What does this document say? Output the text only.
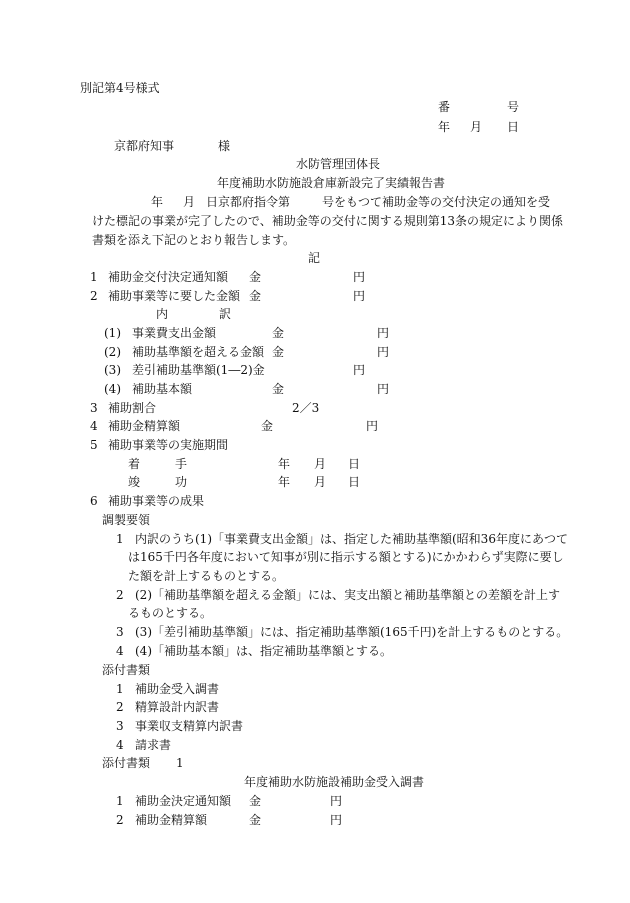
別記第4号様式
番	号
年 月 日
京都府知事	様
水防管理団体長
年度補助水防施設倉庫新設完了実績報告書
年 月 日京都府指令第	号をもつて補助金等の交付決定の通知を受
けた標記の事業が完了したので、補助金等の交付に関する規則第13条の規定により関係
書類を添え下記のとおり報告します。
記
1 補助金交付決定通知額 金	円
2 補助事業等に要した金額 金	円
内	訳
(1) 事業費支出金額	金	円
(2) 補助基準額を超える金額 金	円
(3) 差引補助基準額(1―2)金	円
(4) 補助基本額	金	円
3 補助割合	2／3
4 補助金精算額	金	円
5 補助事業等の実施期間
着	手	年 月 日
竣	功	年 月 日
6 補助事業等の成果
調製要領
1 内訳のうち(1)「事業費支出金額」は、指定した補助基準額(昭和36年度にあつて
は165千円各年度において知事が別に指示する額とする)にかかわらず実際に要し
た額を計上するものとする。
2 (2)「補助基準額を超える金額」には、実支出額と補助基準額との差額を計上す
るものとする。
3 (3)「差引補助基準額」には、指定補助基準額(165千円)を計上するものとする。
4 (4)「補助基本額」は、指定補助基準額とする。
添付書類
1 補助金受入調書
2 精算設計内訳書
3 事業収支精算内訳書
4 請求書
添付書類 1
年度補助水防施設補助金受入調書
1 補助金決定通知額 金	円
2 補助金精算額	金	円
